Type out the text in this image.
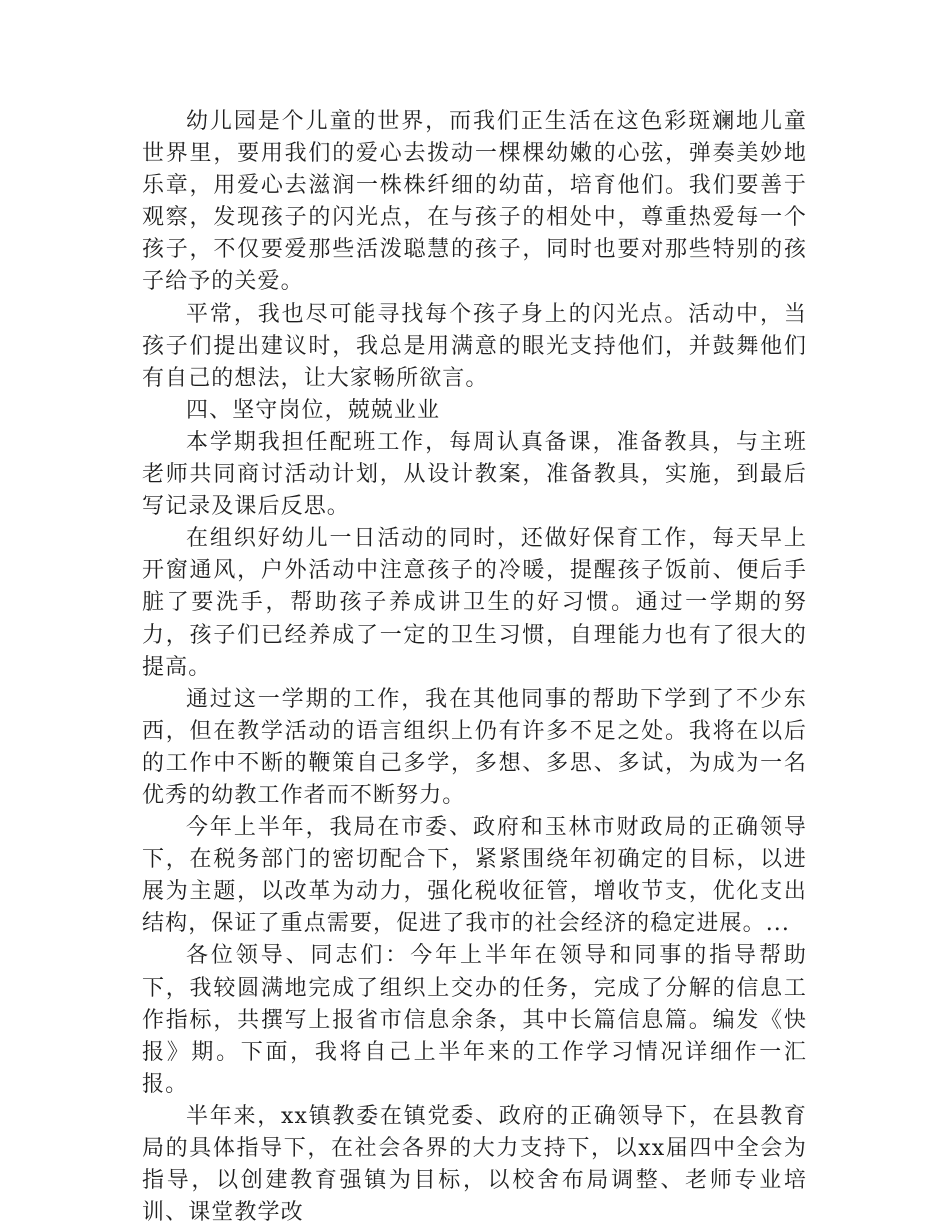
幼儿园是个儿童的世界，而我们正生活在这色彩斑斓地儿童世界里，要用我们的爱心去拨动一棵棵幼嫩的心弦，弹奏美妙地乐章，用爱心去滋润一株株纤细的幼苗，培育他们。我们要善于观察，发现孩子的闪光点，在与孩子的相处中，尊重热爱每一个孩子，不仅要爱那些活泼聪慧的孩子，同时也要对那些特别的孩子给予的关爱。

平常，我也尽可能寻找每个孩子身上的闪光点。活动中，当孩子们提出建议时，我总是用满意的眼光支持他们，并鼓舞他们有自己的想法，让大家畅所欲言。

四、坚守岗位，兢兢业业

本学期我担任配班工作，每周认真备课，准备教具，与主班老师共同商讨活动计划，从设计教案，准备教具，实施，到最后写记录及课后反思。

在组织好幼儿一日活动的同时，还做好保育工作，每天早上开窗通风，户外活动中注意孩子的冷暖，提醒孩子饭前、便后手脏了要洗手，帮助孩子养成讲卫生的好习惯。通过一学期的努力，孩子们已经养成了一定的卫生习惯，自理能力也有了很大的提高。

通过这一学期的工作，我在其他同事的帮助下学到了不少东西，但在教学活动的语言组织上仍有许多不足之处。我将在以后的工作中不断的鞭策自己多学，多想、多思、多试，为成为一名优秀的幼教工作者而不断努力。

今年上半年，我局在市委、政府和玉林市财政局的正确领导下，在税务部门的密切配合下，紧紧围绕年初确定的目标，以进展为主题，以改革为动力，强化税收征管，增收节支，优化支出结构，保证了重点需要，促进了我市的社会经济的稳定进展。...

各位领导、同志们：今年上半年在领导和同事的指导帮助下，我较圆满地完成了组织上交办的任务，完成了分解的信息工作指标，共撰写上报省市信息余条，其中长篇信息篇。编发《快报》期。下面，我将自己上半年来的工作学习情况详细作一汇报。

半年来，xx镇教委在镇党委、政府的正确领导下，在县教育局的具体指导下，在社会各界的大力支持下，以xx届四中全会为指导，以创建教育强镇为目标，以校舍布局调整、老师专业培训、课堂教学改
